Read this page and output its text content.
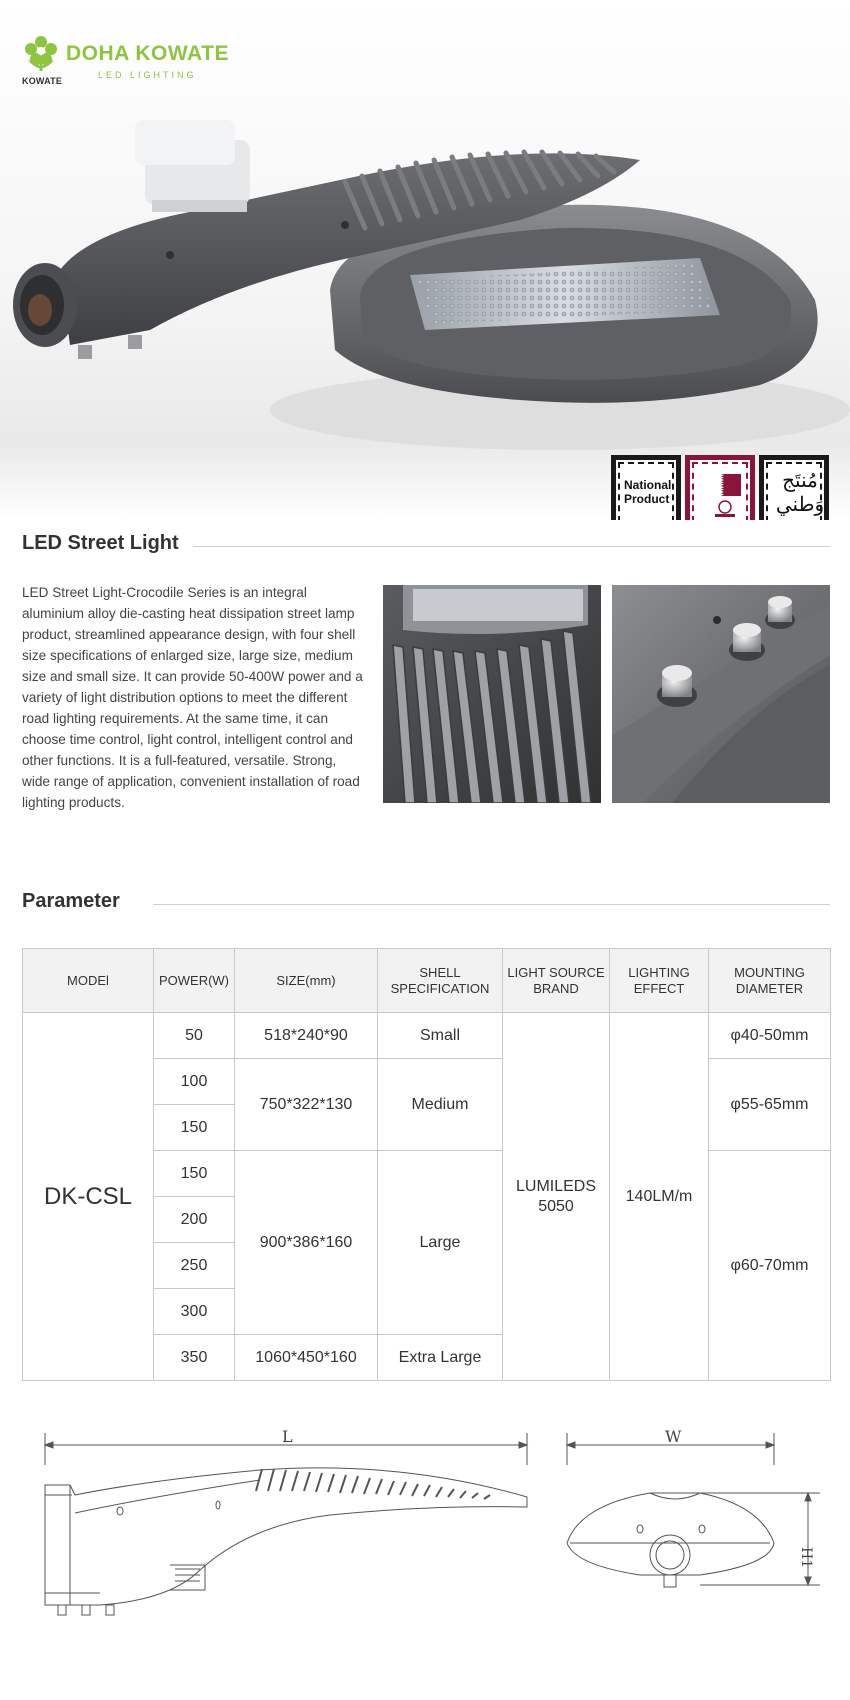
KOWATE
DOHA KOWATE
LED LIGHTING
National Product
مُنتَج وَطني
LED Street Light
LED Street Light-Crocodile Series is an integral aluminium alloy die-casting heat dissipation street lamp product, streamlined appearance design, with four shell size specifications of enlarged size, large size, medium size and small size. It can provide 50-400W power and a variety of light distribution options to meet the different road lighting requirements. At the same time, it can choose time control, light control, intelligent control and other functions. It is a full-featured, versatile. Strong, wide range of application, convenient installation of road lighting products.
Parameter
MODEl	POWER(W)	SIZE(mm)	SHELL SPECIFICATION	LIGHT SOURCE BRAND	LIGHTING EFFECT	MOUNTING DIAMETER
DK-CSL	50	518*240*90	Small	LUMILEDS 5050	140LM/m	φ40-50mm
	100	750*322*130	Medium			φ55-65mm
	150					
	150	900*386*160	Large			φ60-70mm
	200					
	250					
	300					
	350	1060*450*160	Extra Large			
L	W
H1
